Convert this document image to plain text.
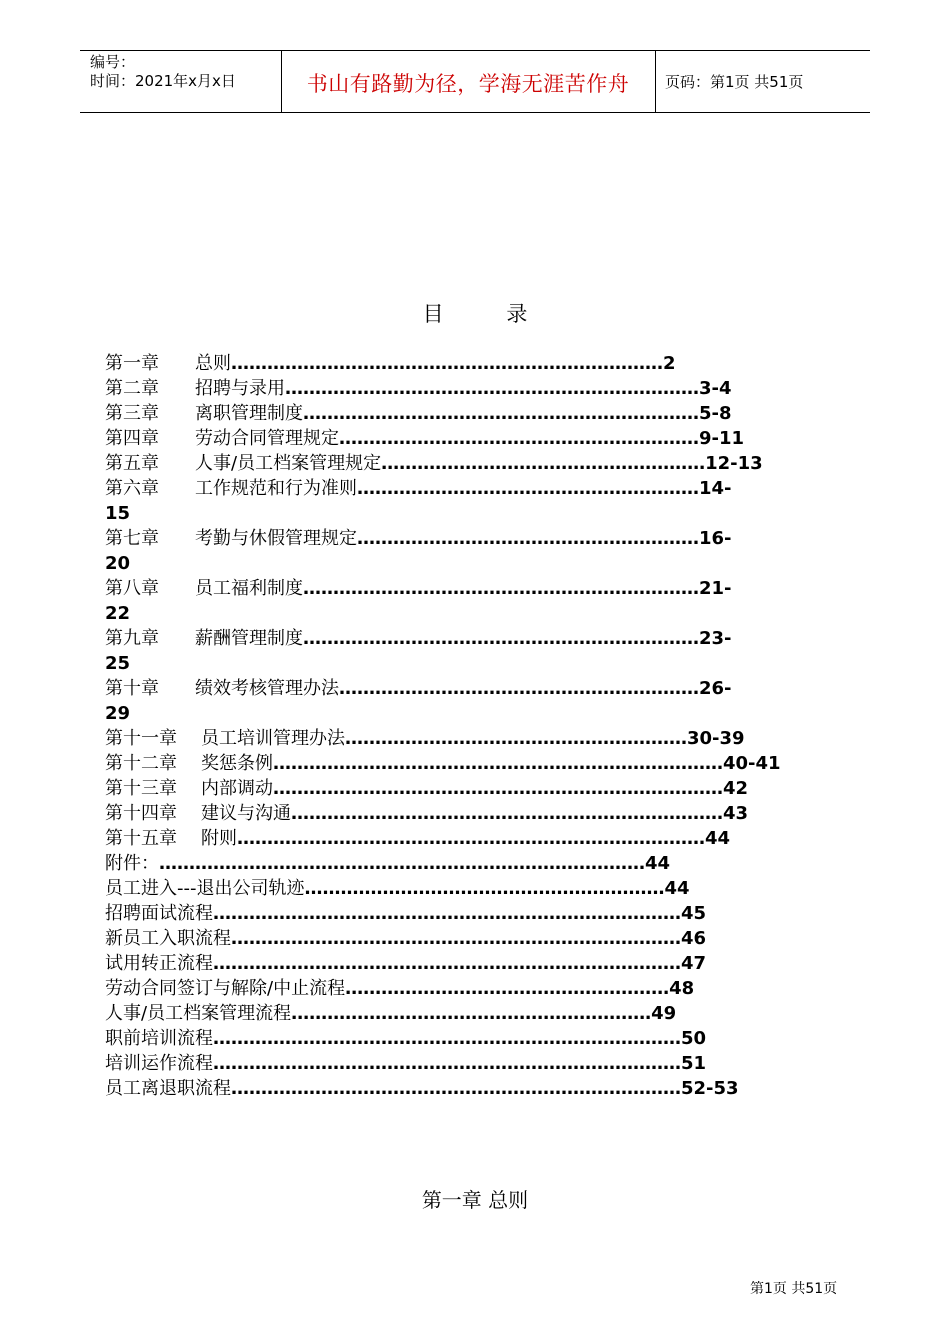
编号：
时间：2021年x月x日	书山有路勤为径，学海无涯苦作舟	页码：第1页 共51页
目 录
第一章	总则 ……………………………………………………………… 2
第二章	招聘与录用 …………………………………………………………… 3-4
第三章	离职管理制度 ………………………………………………………… 5-8
第四章	劳动合同管理规定 …………………………………………………… 9-11
第五章	人事/员工档案管理规定 ……………………………………………… 12-13
第六章	工作规范和行为准则 ………………………………………………… 14-
15
第七章	考勤与休假管理规定 ………………………………………………… 16-
20
第八章	员工福利制度 ………………………………………………………… 21-
22
第九章	薪酬管理制度 ………………………………………………………… 23-
25
第十章	绩效考核管理办法 …………………………………………………… 26-
29
第十一章	员工培训管理办法 ………………………………………………… 30-39
第十二章	奖惩条例 ………………………………………………………………… 40-41
第十三章	内部调动 ………………………………………………………………… 42
第十四章	建议与沟通 ……………………………………………………………… 43
第十五章	附则 …………………………………………………………………… 44
附件： ……………………………………………………………………… 44
员工进入---退出公司轨迹 …………………………………………………… 44
招聘面试流程 …………………………………………………………………… 45
新员工入职流程 ………………………………………………………………… 46
试用转正流程 …………………………………………………………………… 47
劳动合同签订与解除/中止流程 ……………………………………………… 48
人事/员工档案管理流程 …………………………………………………… 49
职前培训流程 …………………………………………………………………… 50
培训运作流程 …………………………………………………………………… 51
员工离退职流程 ………………………………………………………………… 52-53
第一章 总则
第1页 共51页
